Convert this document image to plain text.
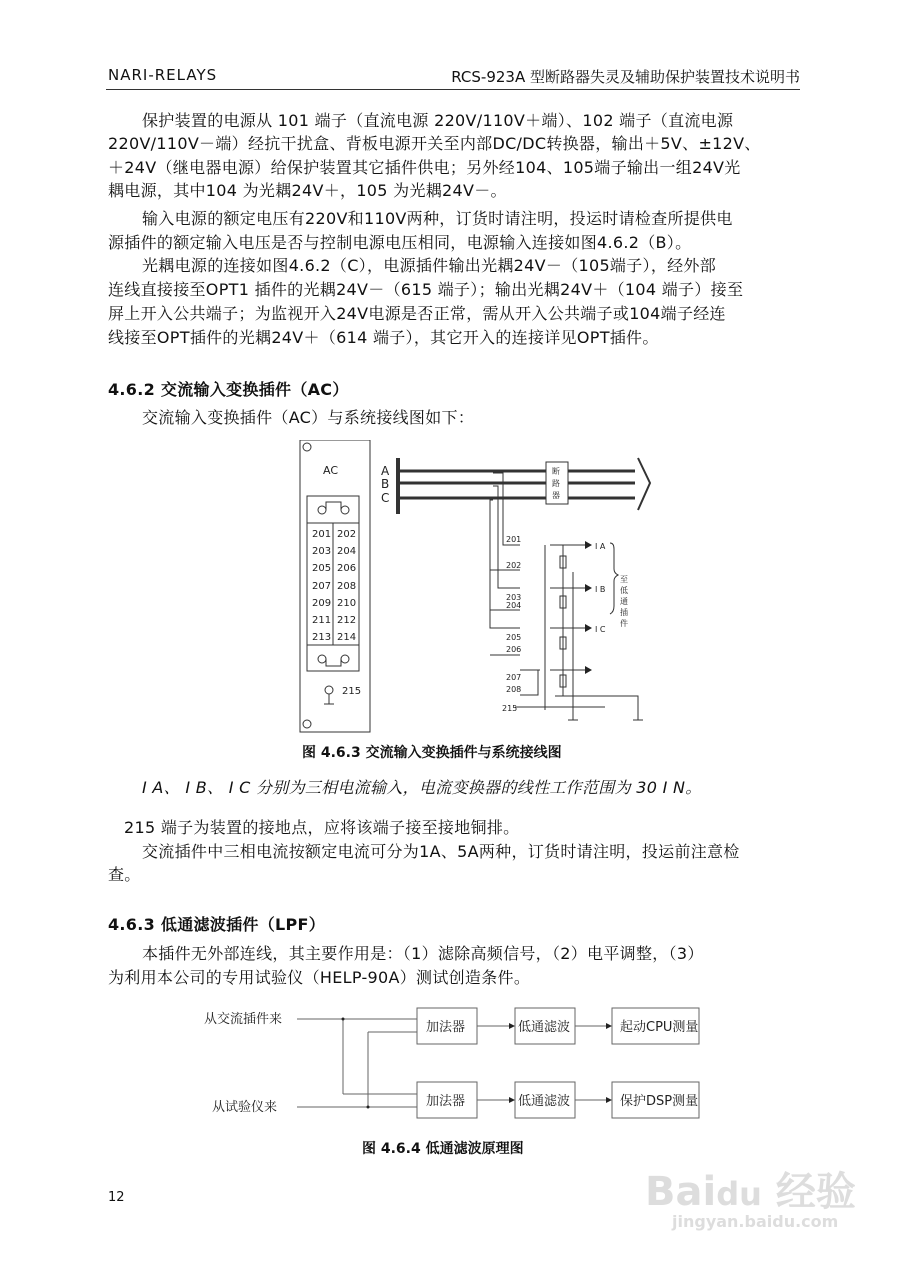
NARI-RELAYS	RCS-923A 型断路器失灵及辅助保护装置技术说明书
保护装置的电源从 101 端子（直流电源 220V/110V＋端）、102 端子（直流电源
220V/110V－端）经抗干扰盒、背板电源开关至内部DC/DC转换器，输出＋5V、±12V、
＋24V（继电器电源）给保护装置其它插件供电；另外经104、105端子输出一组24V光
耦电源，其中104 为光耦24V＋，105 为光耦24V－。
输入电源的额定电压有220V和110V两种，订货时请注明，投运时请检查所提供电
源插件的额定输入电压是否与控制电源电压相同，电源输入连接如图4.6.2（B）。
光耦电源的连接如图4.6.2（C），电源插件输出光耦24V－（105端子），经外部
连线直接接至OPT1 插件的光耦24V－（615 端子）；输出光耦24V＋（104 端子）接至
屏上开入公共端子；为监视开入24V电源是否正常，需从开入公共端子或104端子经连
线接至OPT插件的光耦24V＋（614 端子），其它开入的连接详见OPT插件。
4.6.2 交流输入变换插件（AC）
交流输入变换插件（AC）与系统接线图如下：
AC
201 202
203 204
205 206
207 208
209 210
211 212
213 214
215
215
A
B
C
断
路
器
I A
I B
I C
至
低
通
插
件
201
202
203
204
205
206
207
208
图 4.6.3 交流输入变换插件与系统接线图
I A、 I B、 I C 分别为三相电流输入，电流变换器的线性工作范围为 30 I N。
215 端子为装置的接地点，应将该端子接至接地铜排。
交流插件中三相电流按额定电流可分为1A、5A两种，订货时请注明，投运前注意检
查。
4.6.3 低通滤波插件（LPF）
本插件无外部连线，其主要作用是：（1）滤除高频信号，（2）电平调整，（3）
为利用本公司的专用试验仪（HELP-90A）测试创造条件。
从交流插件来
从试验仪来
加法器
加法器
低通滤波
低通滤波
起动CPU测量
保护DSP测量
图 4.6.4 低通滤波原理图
12	Baidu 经验
jingyan.baidu.com
